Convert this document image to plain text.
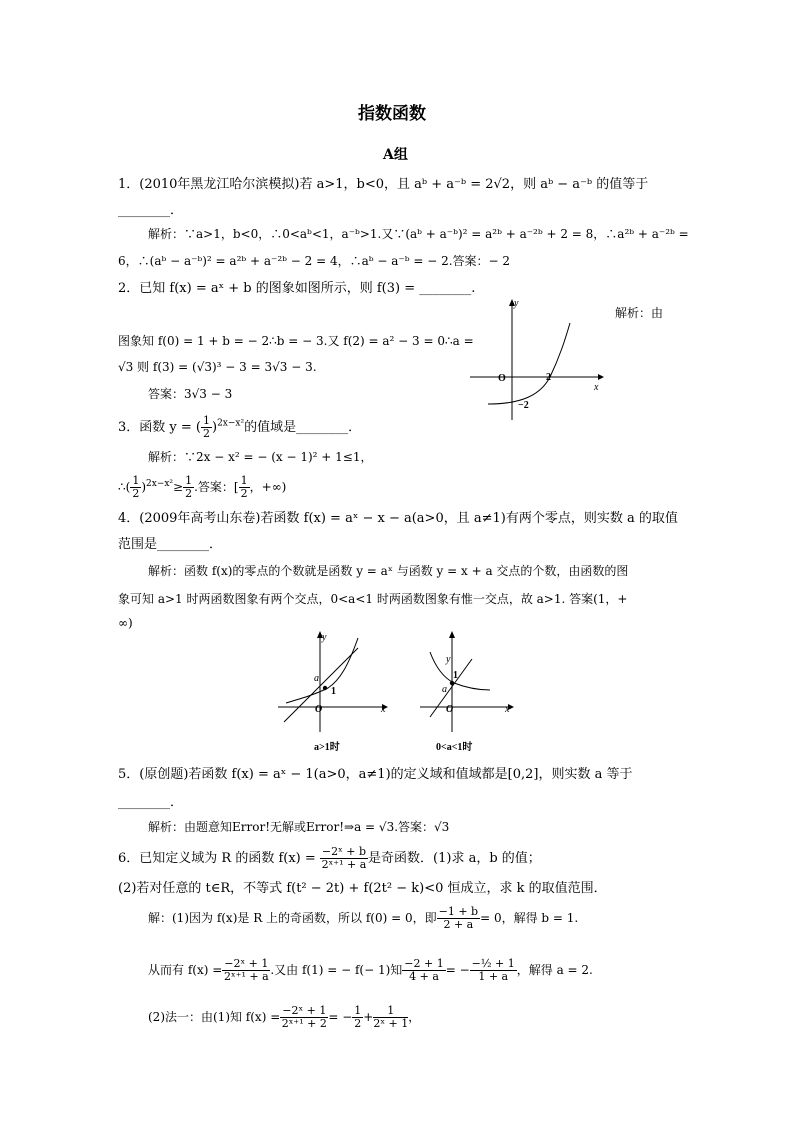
指数函数
A组
1．(2010年黑龙江哈尔滨模拟)若 a>1，b<0，且 aᵇ + a⁻ᵇ = 2√2，则 aᵇ − a⁻ᵇ 的值等于
________．
解析：∵a>1，b<0，∴0<aᵇ<1，a⁻ᵇ>1.又∵(aᵇ + a⁻ᵇ)² = a²ᵇ + a⁻²ᵇ + 2 = 8，∴a²ᵇ + a⁻²ᵇ =
6，∴(aᵇ − a⁻ᵇ)² = a²ᵇ + a⁻²ᵇ − 2 = 4，∴aᵇ − a⁻ᵇ = − 2.答案：− 2
2．已知 f(x) = aˣ + b 的图象如图所示，则 f(3) = ________.
解析：由
图象知 f(0) = 1 + b = − 2∴b = − 3.又 f(2) = a² − 3 = 0∴a =
√3 则 f(3) = (√3)³ − 3 = 3√3 − 3.
答案：3√3 − 3
y
x
O	2
−2
3．函数 y = ( $\frac{1}{2} )^{2x-x^2}$的值域是________．
解析：∵2x − x² = − (x − 1)² + 1≤1，
∴( $\frac{1}{2} )^{2x-x^2}\ge \frac{1}{2}$ .答案：[ $\frac{1}{2}$ ，+∞)
4．(2009年高考山东卷)若函数 f(x) = aˣ − x − a(a>0，且 a≠1)有两个零点，则实数 a 的取值
范围是________．
解析：函数 f(x)的零点的个数就是函数 y = aˣ 与函数 y = x + a 交点的个数，由函数的图
象可知 a>1 时两函数图象有两个交点，0<a<1 时两函数图象有惟一交点，故 a>1. 答案(1，+
∞)
y
x
O
a
1
a>1时
y
x
O
a
1
0<a<1时
5．(原创题)若函数 f(x) = aˣ − 1(a>0，a≠1)的定义域和值域都是[0,2]，则实数 a 等于
________．
解析：由题意知Error!无解或Error!⇒a = √3.答案：√3
6．已知定义域为 R 的函数 $f(x) = \frac{\text{−2ˣ + b}}{\text{2ˣ⁺¹ + a}}$ 是奇函数．(1)求 a，b 的值；
(2)若对任意的 t∈R，不等式 f(t² − 2t) + f(2t² − k)<0 恒成立，求 k 的取值范围．
解：(1)因为 f(x)是 R 上的奇函数，所以 f(0) = 0，即 $\frac{-1 + b}{2 + a} = 0$，解得 b = 1.
从而有 $f(x) = \frac{\text{−2ˣ + 1}}{\text{2ˣ⁺¹ + a}}$ .又由 f(1) = − f(− 1)知 $\frac{-2 + 1}{4 + a}$ = − $\frac{\text{−½ + 1}}{1 + a}$ ，解得 a = 2.
(2)法一：由(1)知 $f(x) = \frac{\text{−2ˣ + 1}}{\text{2ˣ⁺¹ + 2}}$ = − $\frac{1}{2} + \frac{1}{\text{2ˣ + 1}}$ ，
